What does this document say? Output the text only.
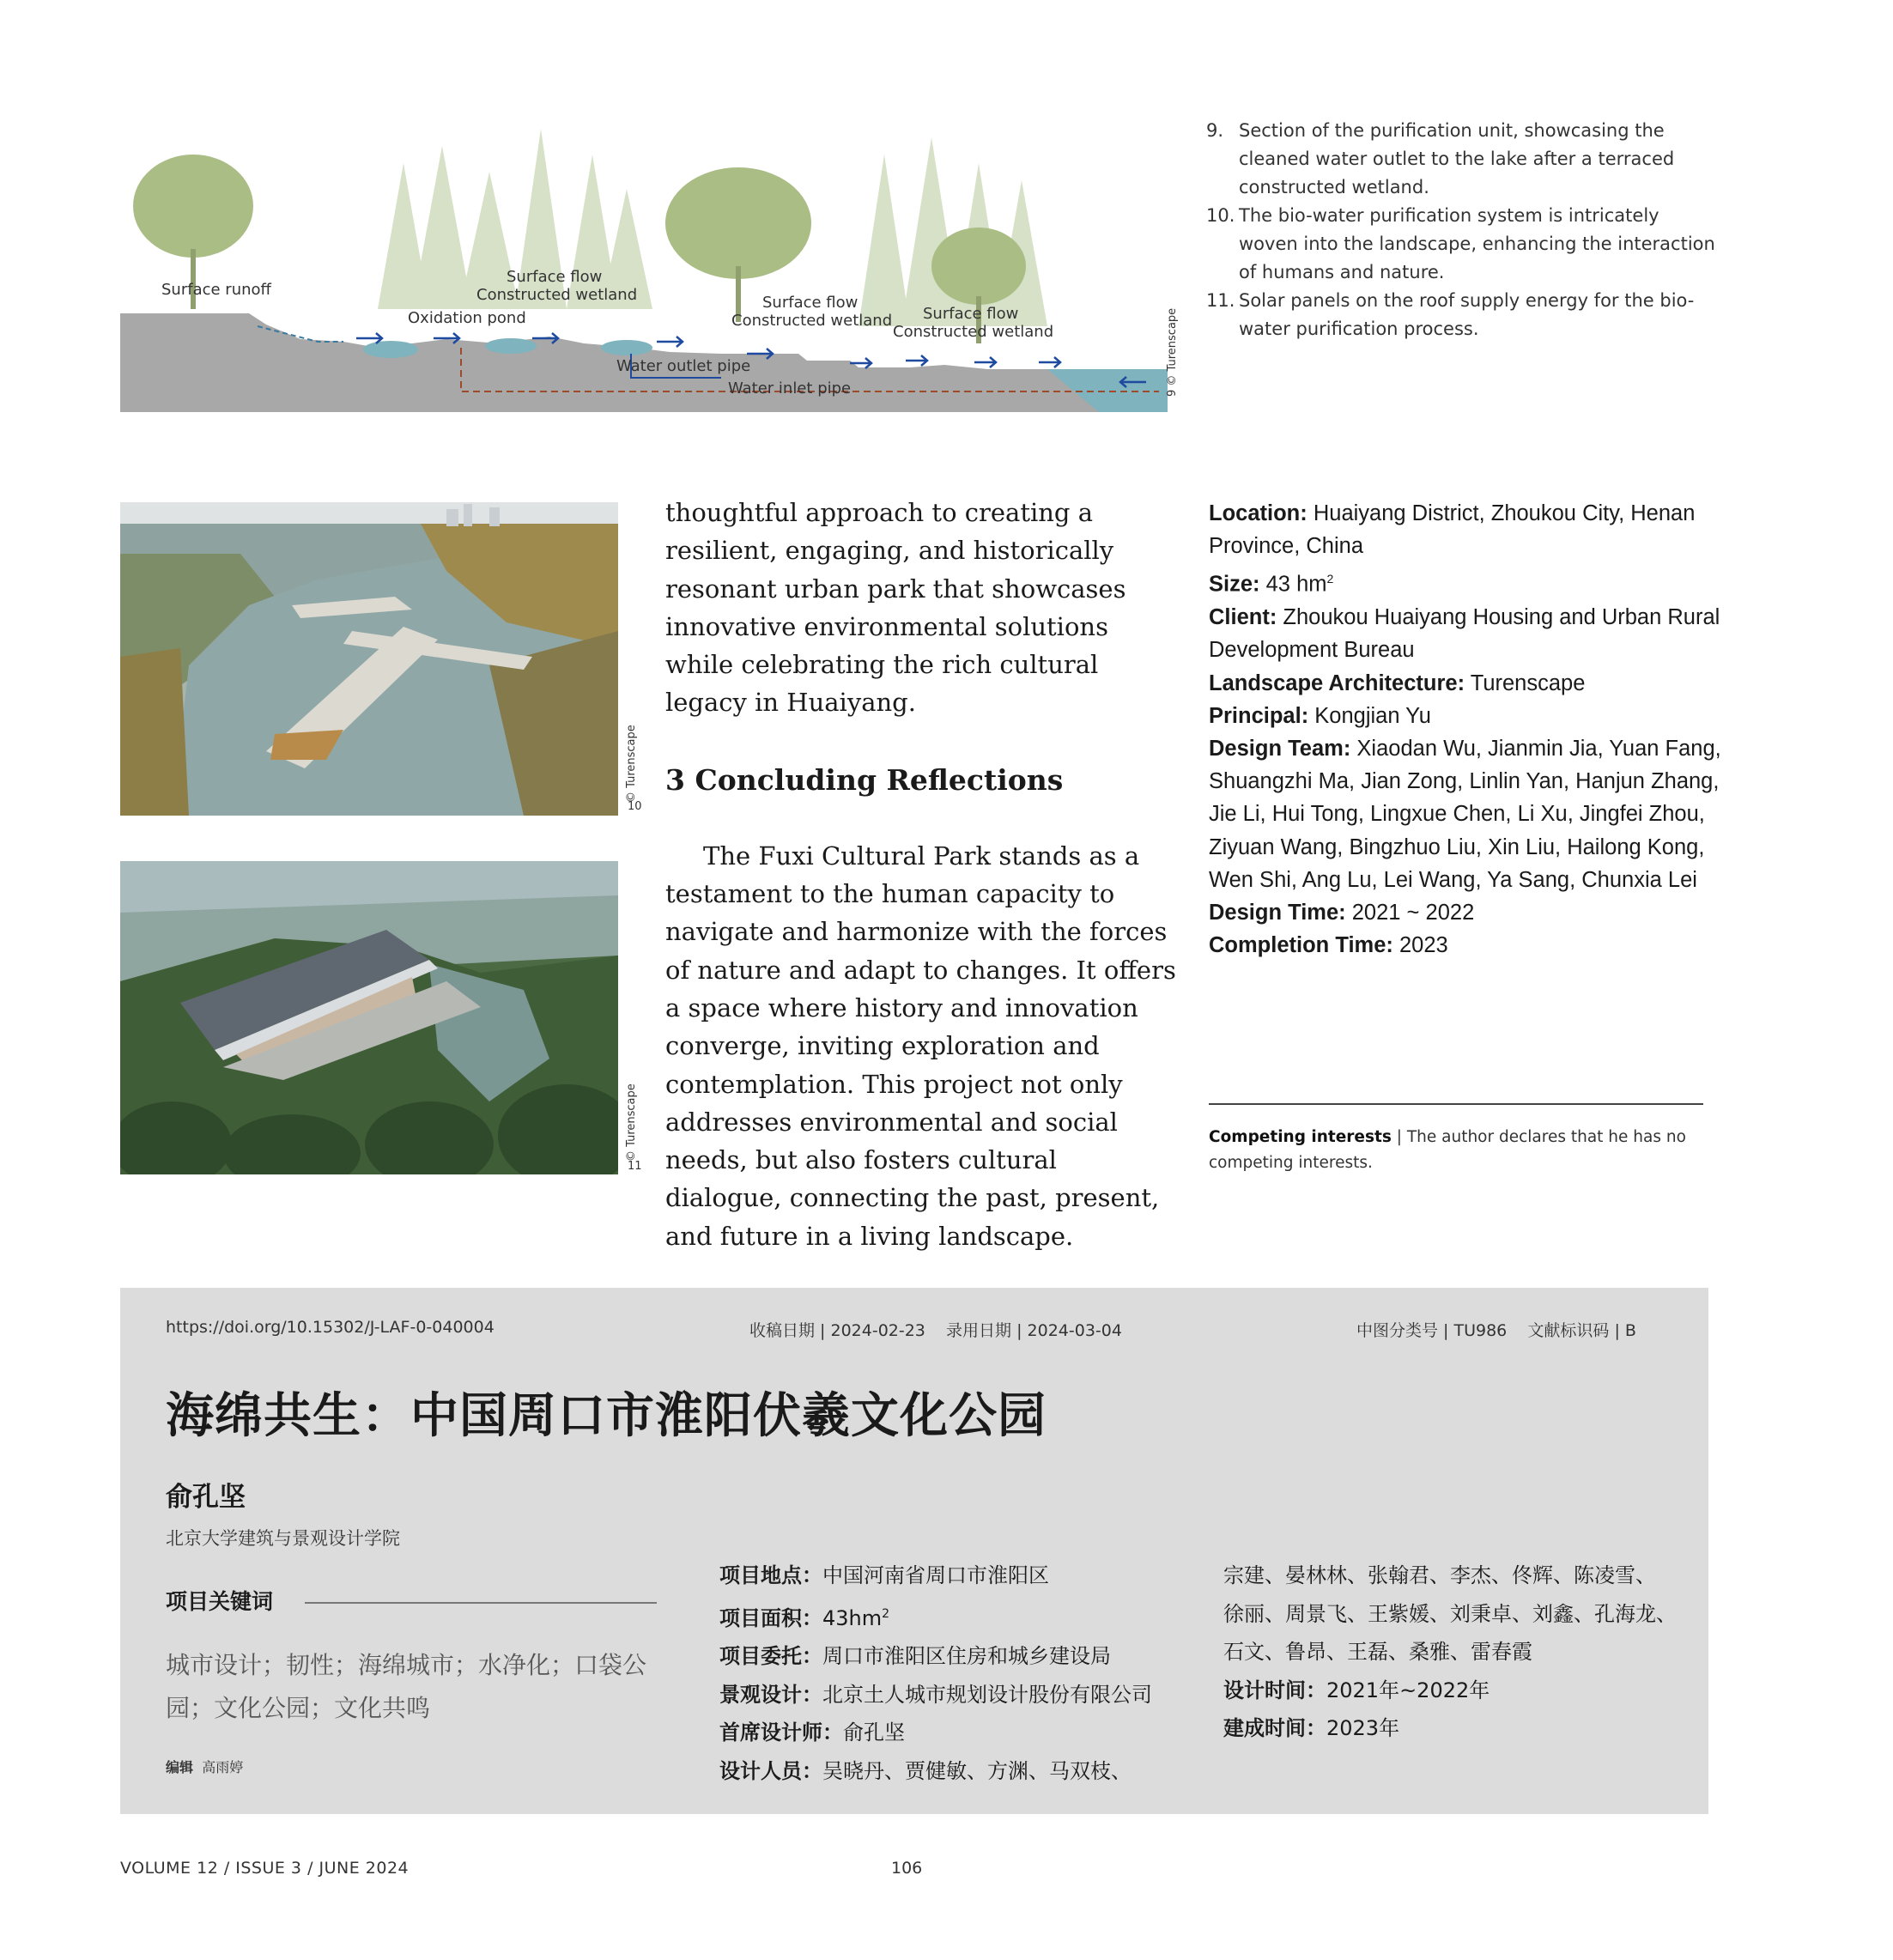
Surface runoff
Oxidation pond
Surface flow
Constructed wetland	Surface flow
Constructed wetland Surface flow
Constructed wetland
Water outlet pipe
Water inlet pipe	9 © Turenscape
9. Section of the purification unit, showcasing the cleaned water outlet to the lake after a terraced constructed wetland.
10. The bio-water purification system is intricately woven into the landscape, enhancing the interaction of humans and nature.
11. Solar panels on the roof supply energy for the bio-water purification process.
© Turenscape
10
© Turenscape
11

thoughtful approach to creating a resilient, engaging, and historically resonant urban park that showcases innovative environmental solutions while celebrating the rich cultural legacy in Huaiyang.

3 Concluding Reflections

The Fuxi Cultural Park stands as a testament to the human capacity to navigate and harmonize with the forces of nature and adapt to changes. It offers a space where history and innovation converge, inviting exploration and contemplation. This project not only addresses environmental and social needs, but also fosters cultural dialogue, connecting the past, present, and future in a living landscape.

Location: Huaiyang District, Zhoukou City, Henan Province, China
Size: 43 $hm^2$
Client: Zhoukou Huaiyang Housing and Urban Rural Development Bureau
Landscape Architecture: Turenscape
Principal: Kongjian Yu
Design Team: Xiaodan Wu, Jianmin Jia, Yuan Fang, Shuangzhi Ma, Jian Zong, Linlin Yan, Hanjun Zhang, Jie Li, Hui Tong, Lingxue Chen, Li Xu, Jingfei Zhou, Ziyuan Wang, Bingzhuo Liu, Xin Liu, Hailong Kong, Wen Shi, Ang Lu, Lei Wang, Ya Sang, Chunxia Lei
Design Time: 2021 ~ 2022
Completion Time: 2023
Competing interests | The author declares that he has no competing interests.
https://doi.org/10.15302/J-LAF-0-040004	收稿日期 | 2024-02-23    录用日期 | 2024-03-04	中图分类号 | TU986    文献标识码 | B
海绵共生：中国周口市淮阳伏羲文化公园
俞孔坚
北京大学建筑与景观设计学院
项目关键词
城市设计；韧性；海绵城市；水净化；口袋公园；文化公园；文化共鸣
编辑 高雨婷
项目地点：中国河南省周口市淮阳区
项目面积：$43hm^2$
项目委托：周口市淮阳区住房和城乡建设局
景观设计：北京土人城市规划设计股份有限公司
首席设计师：俞孔坚
设计人员：吴晓丹、贾健敏、方渊、马双枝、
宗建、晏林林、张翰君、李杰、佟辉、陈凌雪、
徐丽、周景飞、王紫媛、刘秉卓、刘鑫、孔海龙、
石文、鲁昂、王磊、桑雅、雷春霞
设计时间：2021年~2022年
建成时间：2023年
VOLUME 12 / ISSUE 3 / JUNE 2024	106
